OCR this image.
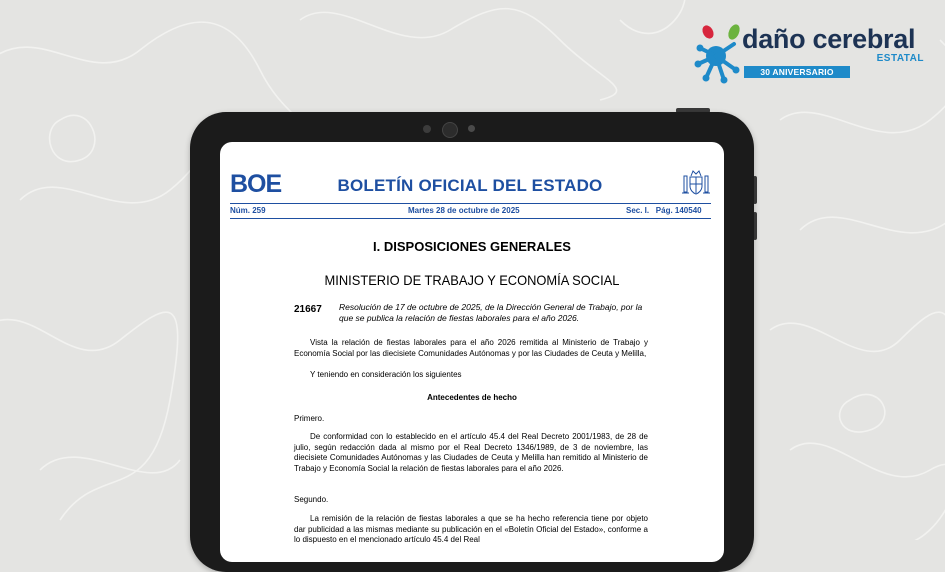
daño cerebral
ESTATAL
30 ANIVERSARIO
BOE	BOLETÍN OFICIAL DEL ESTADO
Núm. 259	Martes 28 de octubre de 2025	Sec. I.   Pág. 140540
I. DISPOSICIONES GENERALES
MINISTERIO DE TRABAJO Y ECONOMÍA SOCIAL
21667 Resolución de 17 de octubre de 2025, de la Dirección General de Trabajo, por la que se publica la relación de fiestas laborales para el año 2026.
Vista la relación de fiestas laborales para el año 2026 remitida al Ministerio de Trabajo y Economía Social por las diecisiete Comunidades Autónomas y por las Ciudades de Ceuta y Melilla,
Y teniendo en consideración los siguientes
Antecedentes de hecho
Primero.
De conformidad con lo establecido en el artículo 45.4 del Real Decreto 2001/1983, de 28 de julio, según redacción dada al mismo por el Real Decreto 1346/1989, de 3 de noviembre, las diecisiete Comunidades Autónomas y las Ciudades de Ceuta y Melilla han remitido al Ministerio de Trabajo y Economía Social la relación de fiestas laborales para el año 2026.
Segundo.
La remisión de la relación de fiestas laborales a que se ha hecho referencia tiene por objeto dar publicidad a las mismas mediante su publicación en el «Boletín Oficial del Estado», conforme a lo dispuesto en el mencionado artículo 45.4 del Real
